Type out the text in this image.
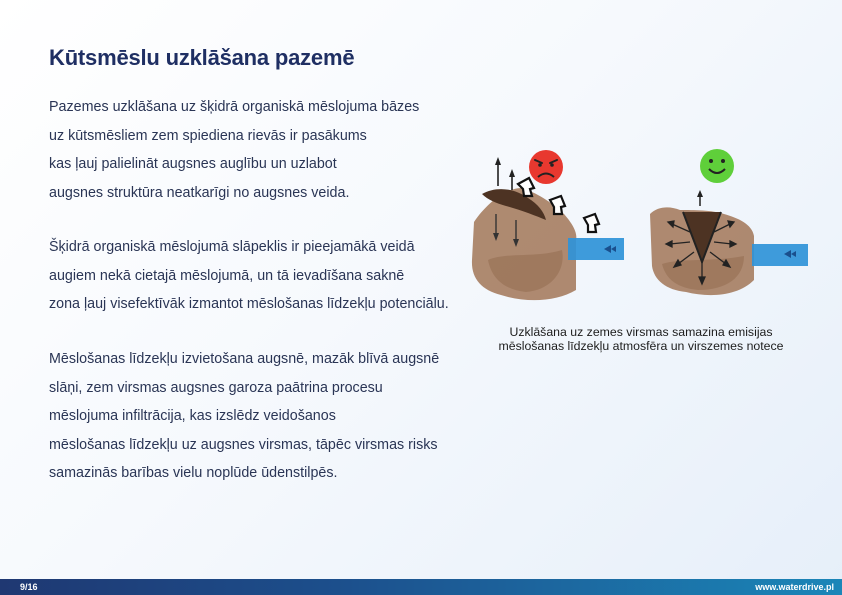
Kūtsmēslu uzklāšana pazemē
Pazemes uzklāšana uz šķidrā organiskā mēslojuma bāzes
uz kūtsmēsliem zem spiediena rievās ir pasākums
kas ļauj palielināt augsnes auglību un uzlabot
augsnes struktūra neatkarīgi no augsnes veida.
Šķidrā organiskā mēslojumā slāpeklis ir pieejamākā veidā
augiem nekā cietajā mēslojumā, un tā ievadīšana saknē
zona ļauj visefektīvāk izmantot mēslošanas līdzekļu potenciālu.
Mēslošanas līdzekļu izvietošana augsnē, mazāk blīvā augsnē
slāņi, zem virsmas augsnes garoza paātrina procesu
mēslojuma infiltrācija, kas izslēdz veidošanos
mēslošanas līdzekļu uz augsnes virsmas, tāpēc virsmas risks
samazinās barības vielu noplūde ūdenstilpēs.
Uzklāšana uz zemes virsmas samazina emisijas
mēslošanas līdzekļu atmosfēra un virszemes notece
9/16	www.waterdrive.pl
